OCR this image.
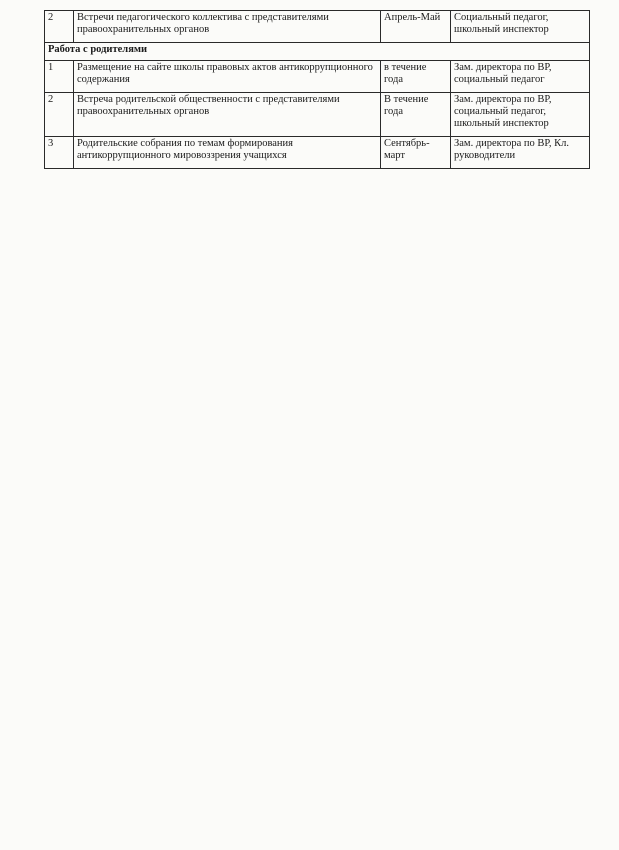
2	Встречи педагогического коллектива с представителями правоохранительных органов	Апрель-Май	Социальный педагог, школьный инспектор
Работа с родителями			
1	Размещение на сайте школы правовых актов антикоррупционного содержания	в течение года	Зам. директора по ВР, социальный педагог
2	Встреча родительской общественности с представителями правоохранительных органов	В течение года	Зам. директора по ВР, социальный педагог, школьный инспектор
3	Родительские собрания по темам формирования антикоррупционного мировоззрения учащихся	Сентябрь-март	Зам. директора по ВР, Кл. руководители
